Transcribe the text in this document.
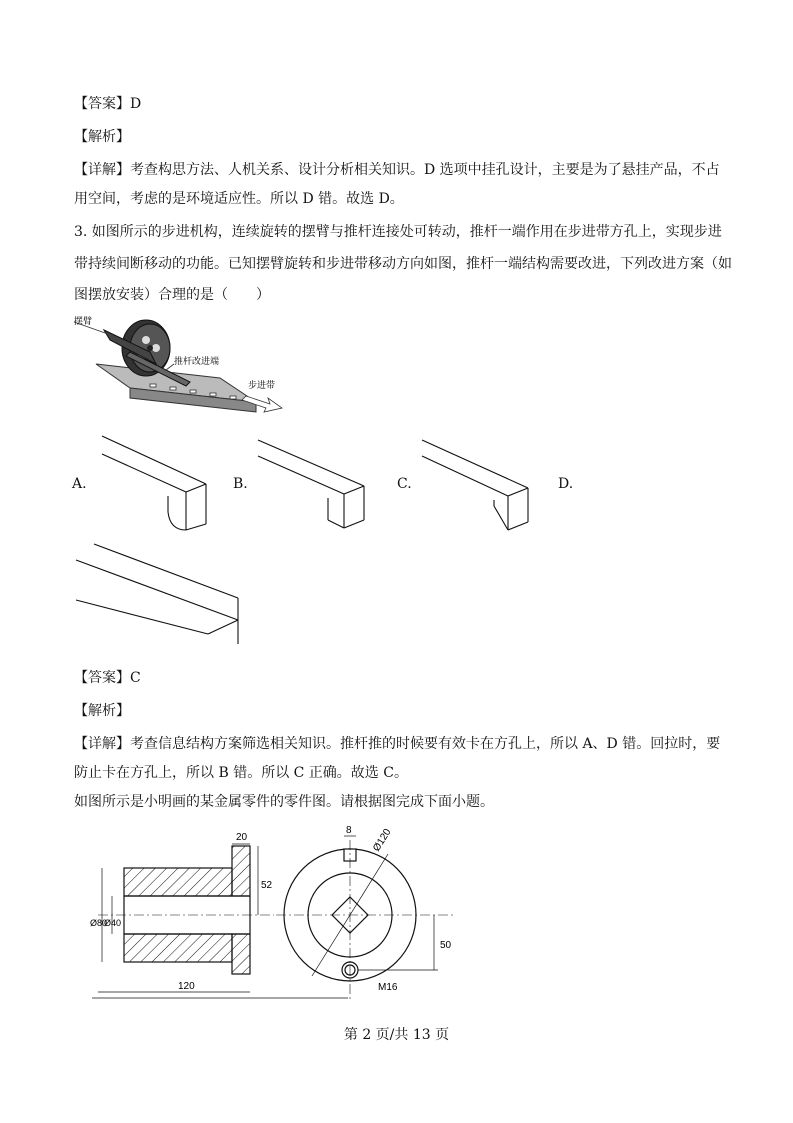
【答案】D
【解析】
【详解】考查构思方法、人机关系、设计分析相关知识。D 选项中挂孔设计，主要是为了悬挂产品，不占
用空间，考虑的是环境适应性。所以 D 错。故选 D。
3. 如图所示的步进机构，连续旋转的摆臂与推杆连接处可转动，推杆一端作用在步进带方孔上，实现步进
带持续间断移动的功能。已知摆臂旋转和步进带移动方向如图，推杆一端结构需要改进，下列改进方案（如
图摆放安装）合理的是（　　）
摆臂
推杆改进端
步进带
A.	B.	C.	D.
【答案】C
【解析】
【详解】考查信息结构方案筛选相关知识。推杆推的时候要有效卡在方孔上，所以 A、D 错。回拉时，要
防止卡在方孔上，所以 B 错。所以 C 正确。故选 C。
如图所示是小明画的某金属零件的零件图。请根据图完成下面小题。
20
52
Ø80
Ø40
120
8 Ø120
50
M16
第 2 页/共 13 页
